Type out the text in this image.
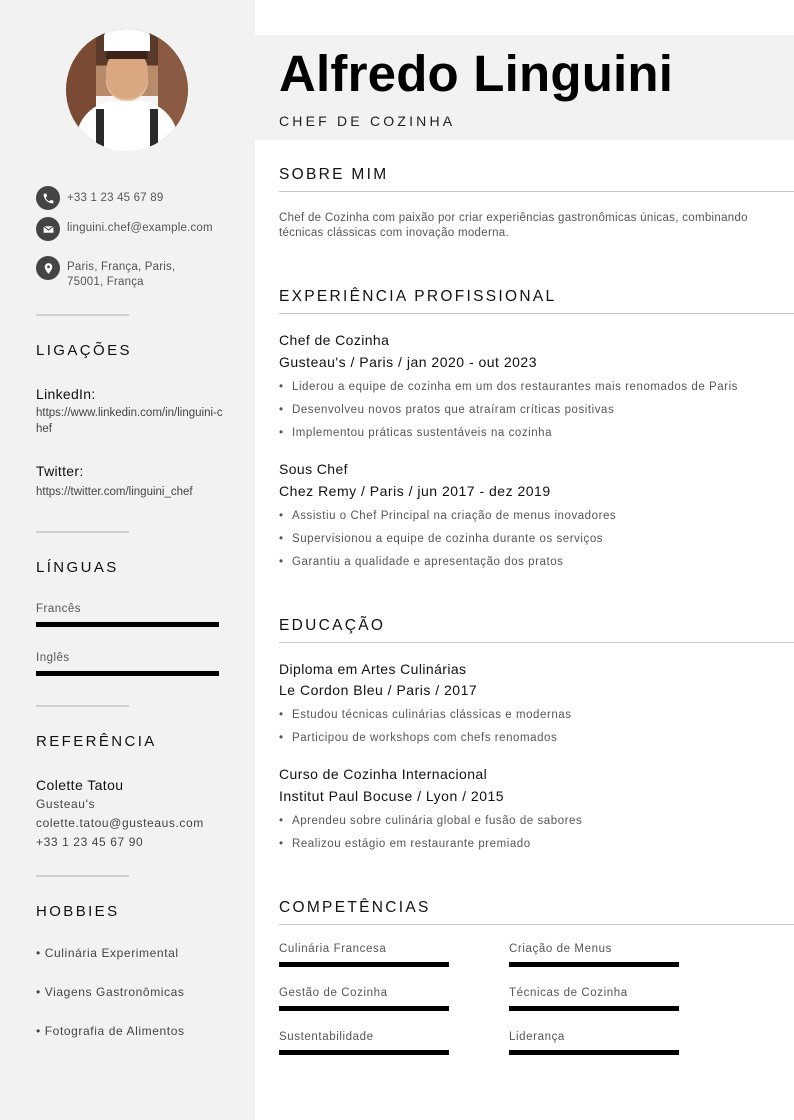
+33 1 23 45 67 89
linguini.chef@example.com
Paris, França, Paris, 75001, França
LIGAÇÕES
LinkedIn:
https://www.linkedin.com/in/linguini-chef
Twitter:
https://twitter.com/linguini_chef
LÍNGUAS
Francês
Inglês
REFERÊNCIA
Colette Tatou
Gusteau's
colette.tatou@gusteaus.com
+33 1 23 45 67 90
HOBBIES
• Culinária Experimental
• Viagens Gastronômicas
• Fotografia de Alimentos
Alfredo Linguini
CHEF DE COZINHA
SOBRE MIM
Chef de Cozinha com paixão por criar experiências gastronômicas únicas, combinando técnicas clássicas com inovação moderna.
EXPERIÊNCIA PROFISSIONAL
Chef de Cozinha
Gusteau's / Paris / jan 2020 - out 2023
• Liderou a equipe de cozinha em um dos restaurantes mais renomados de Paris
• Desenvolveu novos pratos que atraíram críticas positivas
• Implementou práticas sustentáveis na cozinha
Sous Chef
Chez Remy / Paris / jun 2017 - dez 2019
• Assistiu o Chef Principal na criação de menus inovadores
• Supervisionou a equipe de cozinha durante os serviços
• Garantiu a qualidade e apresentação dos pratos
EDUCAÇÃO
Diploma em Artes Culinárias
Le Cordon Bleu / Paris / 2017
• Estudou técnicas culinárias clássicas e modernas
• Participou de workshops com chefs renomados
Curso de Cozinha Internacional
Institut Paul Bocuse / Lyon / 2015
• Aprendeu sobre culinária global e fusão de sabores
• Realizou estágio em restaurante premiado
COMPETÊNCIAS
Culinária Francesa	Criação de Menus
Gestão de Cozinha	Técnicas de Cozinha
Sustentabilidade	Liderança
